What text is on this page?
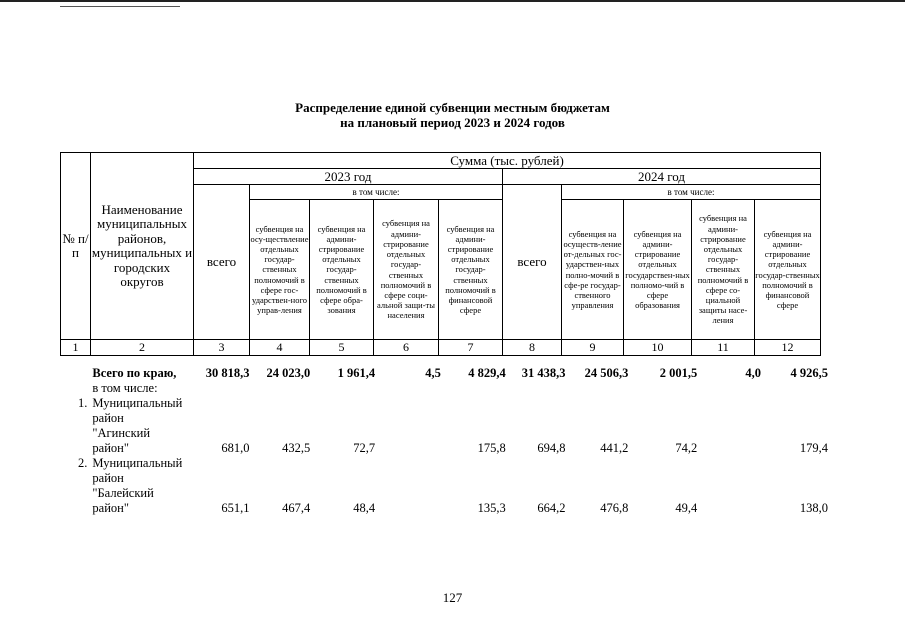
Распределение единой субвенции местным бюджетам
на плановый период 2023 и 2024 годов
№ п/п	Наименование муниципальных районов, муниципальных и городских округов	Сумма (тыс. рублей)									
		2023 год					2024 год				
		всего	в том числе:				всего	в том числе:			
			субвенция на осу-ществление отдельных государ-ственных полномочий в сфере гос-ударствен-ного управ-ления	субвенция на админи-стрирование отдельных государ-ственных полномочий в сфере обра-зования	субвенция на админи-стрирование отдельных государ-ственных полномочий в сфере соци-альной защи-ты населения	субвенция на админи-стрирование отдельных государ-ственных полномочий в финансовой сфере		субвенция на осуществ-ление от-дельных гос-ударствен-ных полно-мочий в сфе-ре государ-ственного управления	субвенция на админи-стрирование отдельных государствен-ных полномо-чий в сфере образования	субвенция на админи-стрирование отдельных государ-ственных полномочий в сфере со-циальной защиты насе-ления	субвенция на админи-стрирование отдельных государ-ственных полномочий в финансовой сфере
1	2	3	4	5	6	7	8	9	10	11	12
	Всего по краю,	30 818,3	24 023,0	1 961,4	4,5	4 829,4	31 438,3	24 506,3	2 001,5	4,0	4 926,5
	в том числе:										
1.	Муниципальный
район
"Агинский
район"	681,0	432,5	72,7		175,8	694,8	441,2	74,2		179,4
2.	Муниципальный
район
"Балейский
район"	651,1	467,4	48,4		135,3	664,2	476,8	49,4		138,0
127
